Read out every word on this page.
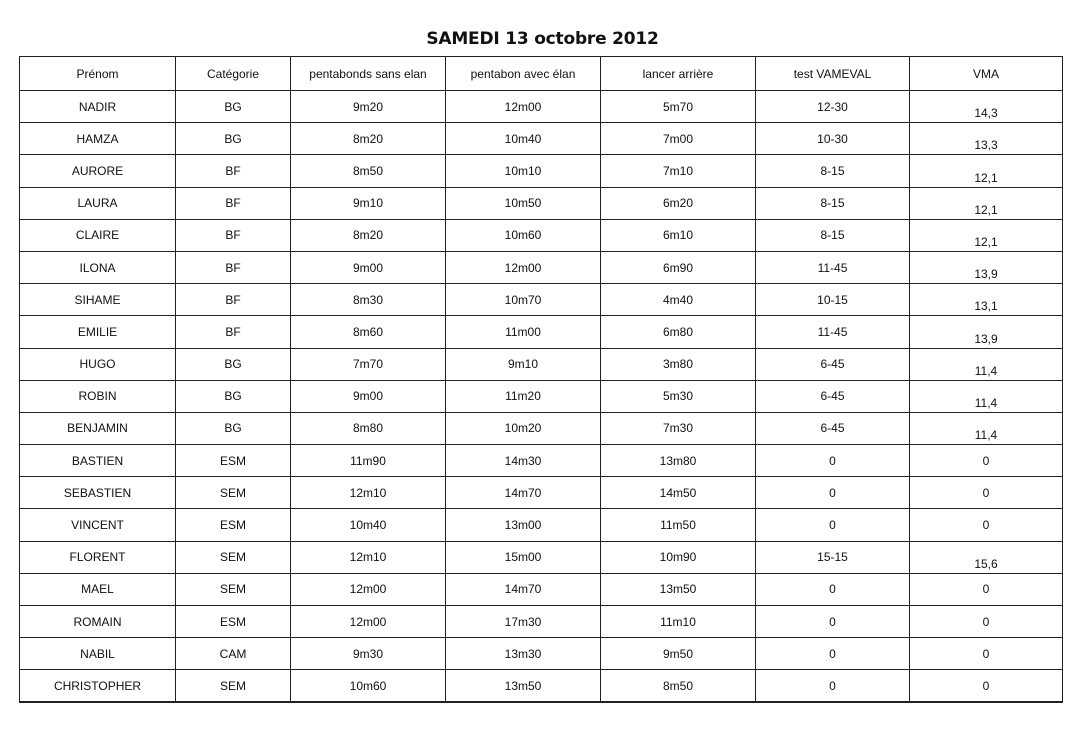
SAMEDI 13 octobre 2012
Prénom	Catégorie	pentabonds sans elan	pentabon avec élan	lancer arrière	test VAMEVAL	VMA
NADIR	BG	9m20	12m00	5m70	12-30	14,3
HAMZA	BG	8m20	10m40	7m00	10-30	13,3
AURORE	BF	8m50	10m10	7m10	8-15	12,1
LAURA	BF	9m10	10m50	6m20	8-15	12,1
CLAIRE	BF	8m20	10m60	6m10	8-15	12,1
ILONA	BF	9m00	12m00	6m90	11-45	13,9
SIHAME	BF	8m30	10m70	4m40	10-15	13,1
EMILIE	BF	8m60	11m00	6m80	11-45	13,9
HUGO	BG	7m70	9m10	3m80	6-45	11,4
ROBIN	BG	9m00	11m20	5m30	6-45	11,4
BENJAMIN	BG	8m80	10m20	7m30	6-45	11,4
BASTIEN	ESM	11m90	14m30	13m80	0	0
SEBASTIEN	SEM	12m10	14m70	14m50	0	0
VINCENT	ESM	10m40	13m00	11m50	0	0
FLORENT	SEM	12m10	15m00	10m90	15-15	15,6
MAEL	SEM	12m00	14m70	13m50	0	0
ROMAIN	ESM	12m00	17m30	11m10	0	0
NABIL	CAM	9m30	13m30	9m50	0	0
CHRISTOPHER	SEM	10m60	13m50	8m50	0	0
